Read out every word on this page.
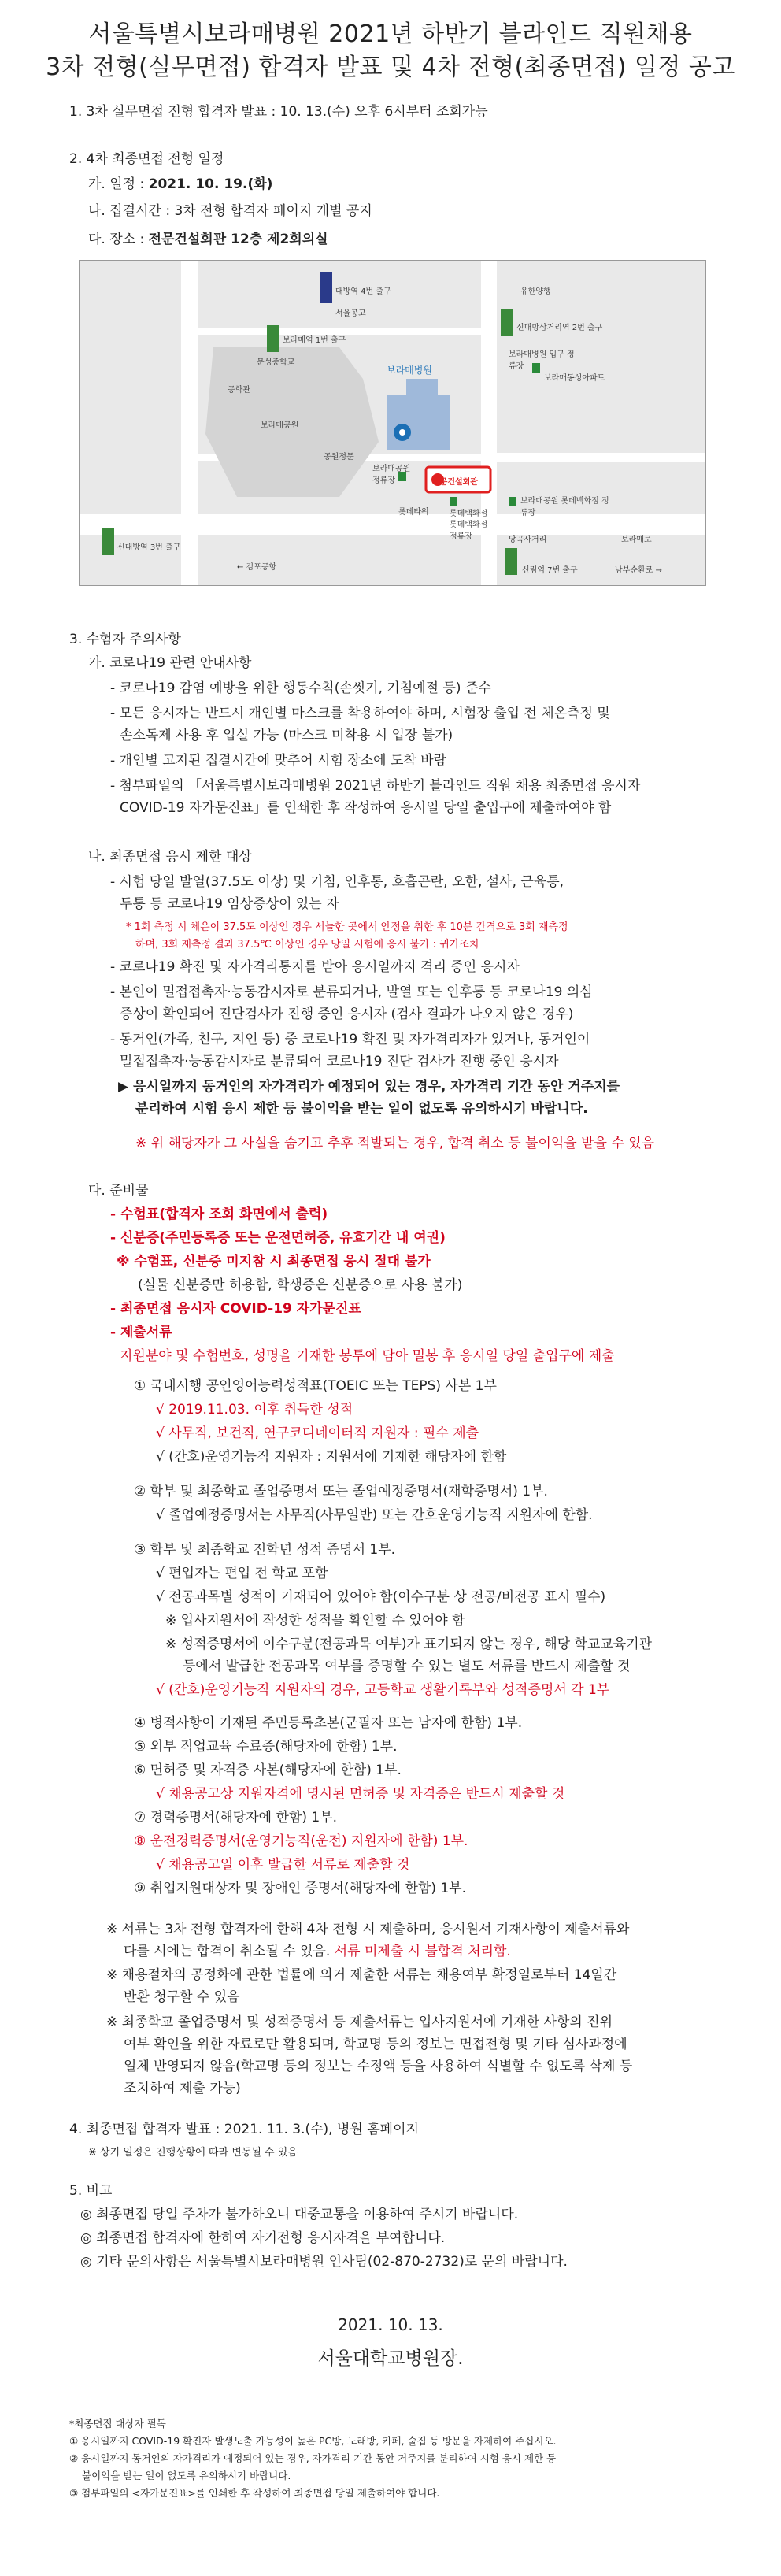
서울특별시보라매병원 2021년 하반기 블라인드 직원채용
3차 전형(실무면접) 합격자 발표 및 4차 전형(최종면접) 일정 공고
1. 3차 실무면접 전형 합격자 발표 : 10. 13.(수) 오후 6시부터 조회가능
2. 4차 최종면접 전형 일정
가. 일정 : 2021. 10. 19.(화)
나. 집결시간 : 3차 전형 합격자 페이지 개별 공지
다. 장소 : 전문건설회관 12층 제2회의실
대방역 4번 출구	유한양행
서울공고
보라매역 1번 출구
신대방삼거리역 2번 출구
문성중학교
보라매병원 입구 정류장
보라매동성아파트
보라매병원
공학관
보라매공원
공원정문
전문건설회관
보라매공원 정류장
롯데타워	롯데백화점
롯데백화점 정류장
보라매공원 롯데백화점 정류장
당곡사거리	보라매로
신대방역 3번 출구
← 김포공항	남부순환로 →
신림역 7번 출구
3. 수험자 주의사항
가. 코로나19 관련 안내사항
- 코로나19 감염 예방을 위한 행동수칙(손씻기, 기침예절 등) 준수
- 모든 응시자는 반드시 개인별 마스크를 착용하여야 하며, 시험장 출입 전 체온측정 및
손소독제 사용 후 입실 가능 (마스크 미착용 시 입장 불가)
- 개인별 고지된 집결시간에 맞추어 시험 장소에 도착 바람
- 첨부파일의 「서울특별시보라매병원 2021년 하반기 블라인드 직원 채용 최종면접 응시자
COVID-19 자가문진표」를 인쇄한 후 작성하여 응시일 당일 출입구에 제출하여야 함
나. 최종면접 응시 제한 대상
- 시험 당일 발열(37.5도 이상) 및 기침, 인후통, 호흡곤란, 오한, 설사, 근육통,
두통 등 코로나19 임상증상이 있는 자
* 1회 측정 시 체온이 37.5도 이상인 경우 서늘한 곳에서 안정을 취한 후 10분 간격으로 3회 재측정
하며, 3회 재측정 결과 37.5℃ 이상인 경우 당일 시험에 응시 불가 : 귀가조치
- 코로나19 확진 및 자가격리통지를 받아 응시일까지 격리 중인 응시자
- 본인이 밀접접촉자·능동감시자로 분류되거나, 발열 또는 인후통 등 코로나19 의심
증상이 확인되어 진단검사가 진행 중인 응시자 (검사 결과가 나오지 않은 경우)
- 동거인(가족, 친구, 지인 등) 중 코로나19 확진 및 자가격리자가 있거나, 동거인이
밀접접촉자·능동감시자로 분류되어 코로나19 진단 검사가 진행 중인 응시자
▶ 응시일까지 동거인의 자가격리가 예정되어 있는 경우, 자가격리 기간 동안 거주지를
분리하여 시험 응시 제한 등 불이익을 받는 일이 없도록 유의하시기 바랍니다.
※ 위 해당자가 그 사실을 숨기고 추후 적발되는 경우, 합격 취소 등 불이익을 받을 수 있음
다. 준비물
- 수험표(합격자 조회 화면에서 출력)
- 신분증(주민등록증 또는 운전면허증, 유효기간 내 여권)
※ 수험표, 신분증 미지참 시 최종면접 응시 절대 불가
(실물 신분증만 허용함, 학생증은 신분증으로 사용 불가)
- 최종면접 응시자 COVID-19 자가문진표
- 제출서류
지원분야 및 수험번호, 성명을 기재한 봉투에 담아 밀봉 후 응시일 당일 출입구에 제출
① 국내시행 공인영어능력성적표(TOEIC 또는 TEPS) 사본 1부
√ 2019.11.03. 이후 취득한 성적
√ 사무직, 보건직, 연구코디네이터직 지원자 : 필수 제출
√ (간호)운영기능직 지원자 : 지원서에 기재한 해당자에 한함
② 학부 및 최종학교 졸업증명서 또는 졸업예정증명서(재학증명서) 1부.
√ 졸업예정증명서는 사무직(사무일반) 또는 간호운영기능직 지원자에 한함.
③ 학부 및 최종학교 전학년 성적 증명서 1부.
√ 편입자는 편입 전 학교 포함
√ 전공과목별 성적이 기재되어 있어야 함(이수구분 상 전공/비전공 표시 필수)
※ 입사지원서에 작성한 성적을 확인할 수 있어야 함
※ 성적증명서에 이수구분(전공과목 여부)가 표기되지 않는 경우, 해당 학교교육기관
등에서 발급한 전공과목 여부를 증명할 수 있는 별도 서류를 반드시 제출할 것
√ (간호)운영기능직 지원자의 경우, 고등학교 생활기록부와 성적증명서 각 1부
④ 병적사항이 기재된 주민등록초본(군필자 또는 남자에 한함) 1부.
⑤ 외부 직업교육 수료증(해당자에 한함) 1부.
⑥ 면허증 및 자격증 사본(해당자에 한함) 1부.
√ 채용공고상 지원자격에 명시된 면허증 및 자격증은 반드시 제출할 것
⑦ 경력증명서(해당자에 한함) 1부.
⑧ 운전경력증명서(운영기능직(운전) 지원자에 한함) 1부.
√ 채용공고일 이후 발급한 서류로 제출할 것
⑨ 취업지원대상자 및 장애인 증명서(해당자에 한함) 1부.
※ 서류는 3차 전형 합격자에 한해 4차 전형 시 제출하며, 응시원서 기재사항이 제출서류와
다를 시에는 합격이 취소될 수 있음. 서류 미제출 시 불합격 처리함.
※ 채용절차의 공정화에 관한 법률에 의거 제출한 서류는 채용여부 확정일로부터 14일간
반환 청구할 수 있음
※ 최종학교 졸업증명서 및 성적증명서 등 제출서류는 입사지원서에 기재한 사항의 진위
여부 확인을 위한 자료로만 활용되며, 학교명 등의 정보는 면접전형 및 기타 심사과정에
일체 반영되지 않음(학교명 등의 정보는 수정액 등을 사용하여 식별할 수 없도록 삭제 등
조치하여 제출 가능)
4. 최종면접 합격자 발표 : 2021. 11. 3.(수), 병원 홈페이지
※ 상기 일정은 진행상황에 따라 변동될 수 있음
5. 비고
◎ 최종면접 당일 주차가 불가하오니 대중교통을 이용하여 주시기 바랍니다.
◎ 최종면접 합격자에 한하여 자기전형 응시자격을 부여합니다.
◎ 기타 문의사항은 서울특별시보라매병원 인사팀(02-870-2732)로 문의 바랍니다.
2021. 10. 13.
서울대학교병원장.
*최종면접 대상자 필독
① 응시일까지 COVID-19 확진자 발생노출 가능성이 높은 PC방, 노래방, 카페, 술집 등 방문을 자제하여 주십시오.
② 응시일까지 동거인의 자가격리가 예정되어 있는 경우, 자가격리 기간 동안 거주지를 분리하여 시험 응시 제한 등
불이익을 받는 일이 없도록 유의하시기 바랍니다.
③ 첨부파일의 <자가문진표>를 인쇄한 후 작성하여 최종면접 당일 제출하여야 합니다.
